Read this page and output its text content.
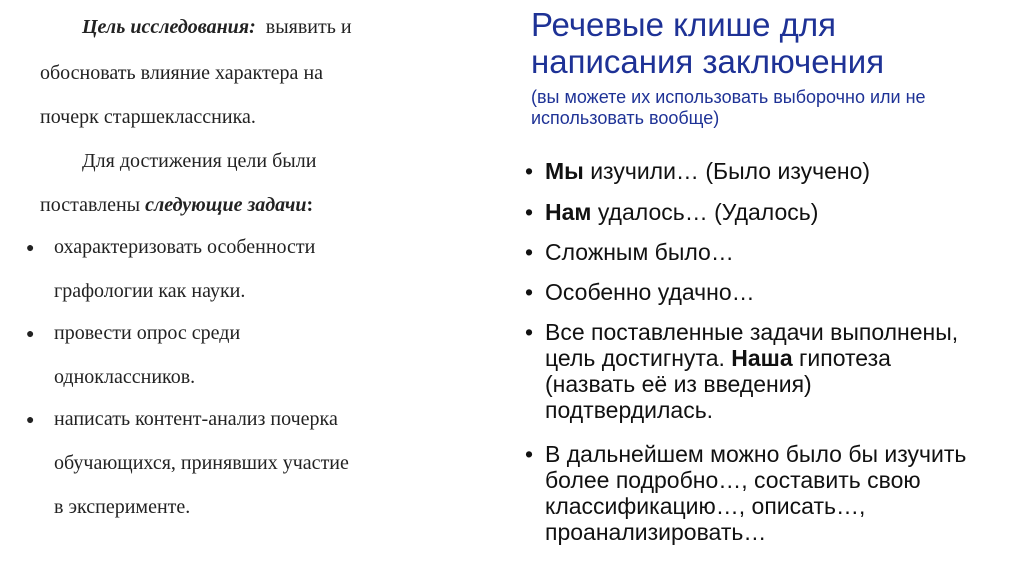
Цель исследования: выявить и
обосновать влияние характера на
почерк старшеклассника.
Для достижения цели были
поставлены следующие задачи:
● охарактеризовать особенности
графологии как науки.
● провести опрос среди
одноклассников.
● написать контент-анализ почерка
обучающихся, принявших участие
в эксперименте.
Речевые клише для
написания заключения
(вы можете их использовать выборочно или не использовать вообще)
• Мы изучили… (Было изучено)
• Нам удалось… (Удалось)
• Сложным было…
• Особенно удачно…
• Все поставленные задачи выполнены, цель достигнута. Наша гипотеза (назвать её из введения) подтвердилась.
• В дальнейшем можно было бы изучить более подробно…, составить свою классификацию…, описать…, проанализировать…
